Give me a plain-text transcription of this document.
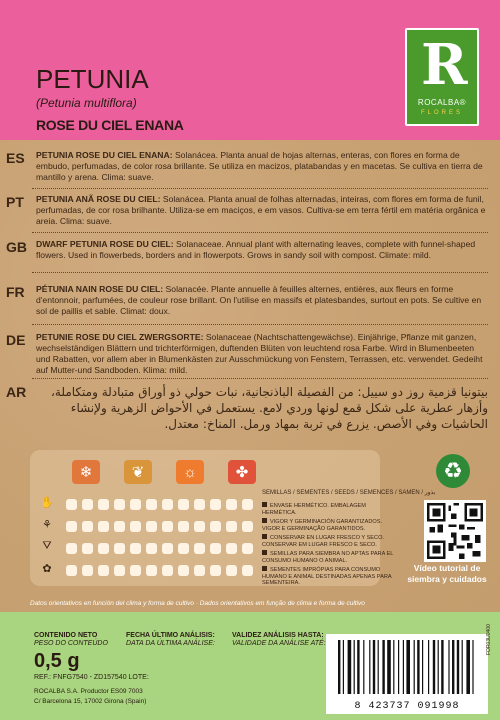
R
ROCALBA®
FLORES
PETUNIA
(Petunia multiflora)
ROSE DU CIEL ENANA
ES PETUNIA ROSE DU CIEL ENANA: Solanácea. Planta anual de hojas alternas, enteras, con flores en forma de embudo, perfumadas, de color rosa brillante. Se utiliza en macizos, platabandas y en macetas. Se cultiva en tierra de mantillo y arena. Clima: suave.
PT PETUNIA ANÃ ROSE DU CIEL: Solanácea. Planta anual de folhas alternadas, inteiras, com flores em forma de funil, perfumadas, de cor rosa brilhante. Utiliza-se em maciços, e em vasos. Cultiva-se em terra fértil em matéria orgânica e areia. Clima: suave.
GB DWARF PETUNIA ROSE DU CIEL: Solanaceae. Annual plant with alternating leaves, complete with funnel-shaped flowers. Used in flowerbeds, borders and in flowerpots. Grows in sandy soil with compost. Climate: mild.
FR PÉTUNIA NAIN ROSE DU CIEL: Solanacée. Plante annuelle à feuilles alternes, entières, aux fleurs en forme d'entonnoir, parfumées, de couleur rose brillant. On l'utilise en massifs et platesbandes, surtout en pots. Se cultive en sol de paillis et sable. Climat: doux.
DE PETUNIE ROSE DU CIEL ZWERGSORTE: Solanaceae (Nachtschattengewächse). Einjährige, Pflanze mit ganzen, wechselständigen Blättern und trichterförmigen, duftenden Blüten von leuchtend rosa Farbe. Wird in Blumenbeeten und Rabatten, vor allem aber in Blumenkästen zur Ausschmückung von Fenstern, Terrassen, etc. verwendet. Gedeiht auf Mutter-und Sandboden. Klima: mild.
AR	بيتونيا قزمية روز دو سييل: من الفصيلة الباذنجانية، نبات حولي ذو أوراق متبادلة ومتكاملة، وأزهار عطرية على شكل قمع لونها وردي لامع. يستعمل في الأحواض الزهرية ولإنشاء الحاشيات وفي الأصص. يزرع في تربة بمهاد ورمل. المناخ: معتدل.
❄	❦	☼	✤
✋
⚘
⛛
✿
SEMILLAS / SEMENTES / SEEDS / SEMENCES / SAMEN / بذور
ENVASE HERMÉTICO. EMBALAGEM HERMÉTICA.
VIGOR Y GERMINACIÓN GARANTIZADOS. VIGOR E GERMINAÇÃO GARANTIDOS.
CONSERVAR EN LUGAR FRESCO Y SECO. CONSERVAR EM LUGAR FRESCO E SECO.
SEMILLAS PARA SIEMBRA NO APTAS PARA EL CONSUMO HUMANO O ANIMAL.
SEMENTES IMPRÓPIAS PARA CONSUMO HUMANO E ANIMAL DESTINADAS APENAS PARA SEMENTEIRA.
♻
Vídeo tutorial de siembra y cuidados
Datos orientativos en función del clima y forma de cultivo · Dados orientativos em função de clima e forma de cultivo
CONTENIDO NETO
PESO DO CONTEÚDO
FECHA ÚLTIMO ANÁLISIS:
DATA DA ÚLTIMA ANÁLISE:
VALIDEZ ANÁLISIS HASTA:
VALIDADE DA ANÁLISE ATÉ:
0,5 g
REF.: FNFG7540 - ZD157540 LOTE:
ROCALBA S.A. Productor ES09 7003
C/ Barcelona 15, 17002 Girona (Spain)	8 423737 091998
FOR03U0400
